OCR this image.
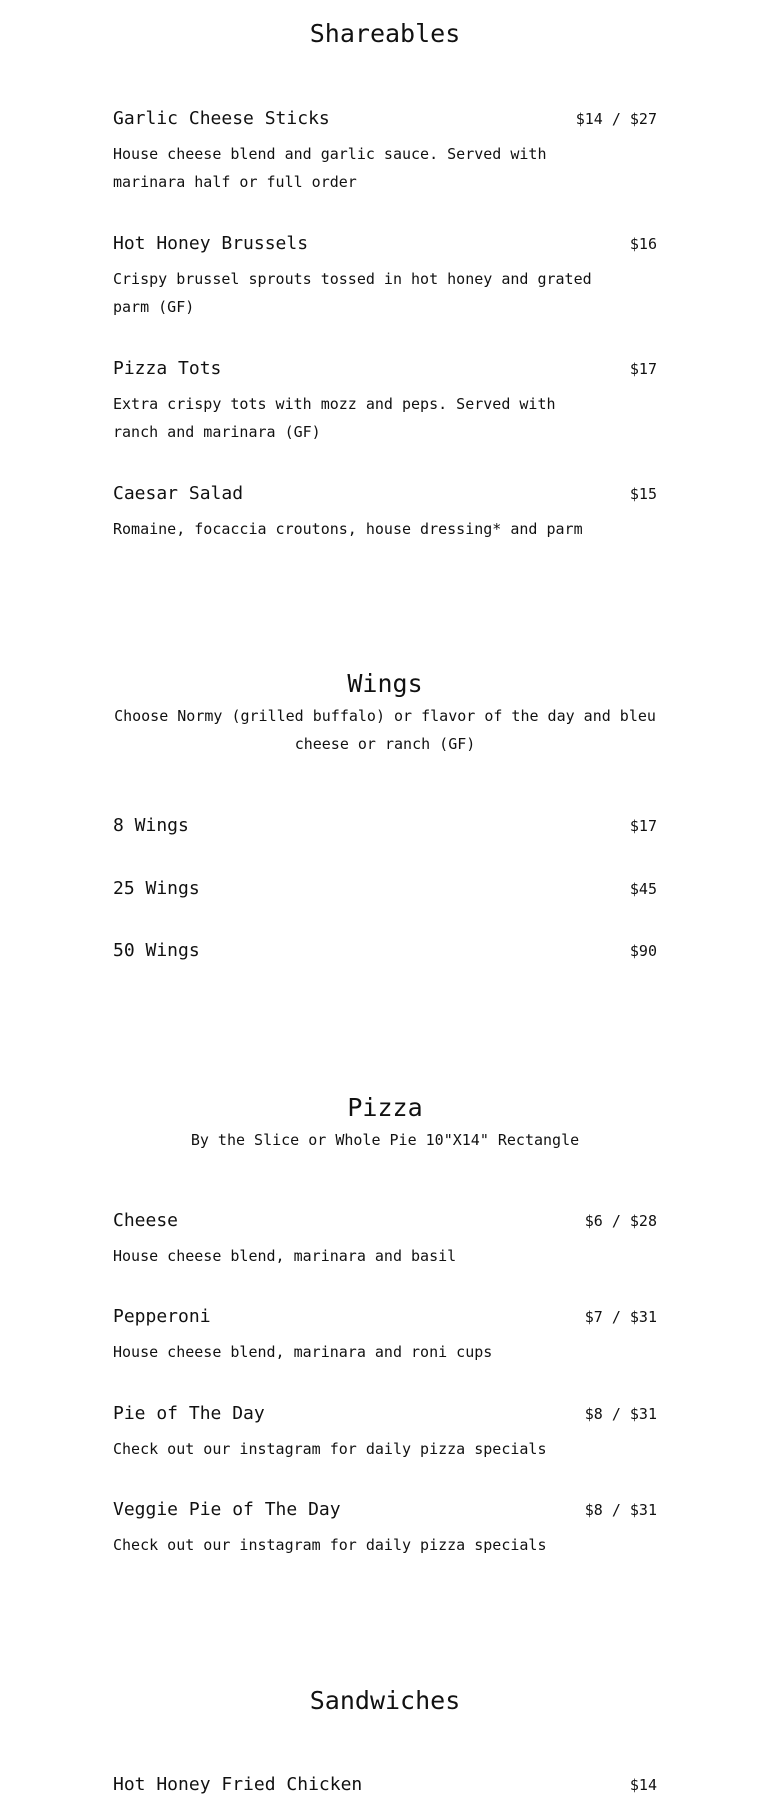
Shareables
Garlic Cheese Sticks	$14 / $27
House cheese blend and garlic sauce. Served with marinara half or full order
Hot Honey Brussels	$16
Crispy brussel sprouts tossed in hot honey and grated parm (GF)
Pizza Tots	$17
Extra crispy tots with mozz and peps. Served with ranch and marinara (GF)
Caesar Salad	$15
Romaine, focaccia croutons, house dressing* and parm
Wings

Choose Normy (grilled buffalo) or flavor of the day and bleu cheese or ranch (GF)

8 Wings	$17
25 Wings	$45
50 Wings	$90
Pizza

By the Slice or Whole Pie 10"X14" Rectangle

Cheese	$6 / $28
House cheese blend, marinara and basil
Pepperoni	$7 / $31
House cheese blend, marinara and roni cups
Pie of The Day	$8 / $31
Check out our instagram for daily pizza specials
Veggie Pie of The Day	$8 / $31
Check out our instagram for daily pizza specials
Sandwiches
Hot Honey Fried Chicken	$14
